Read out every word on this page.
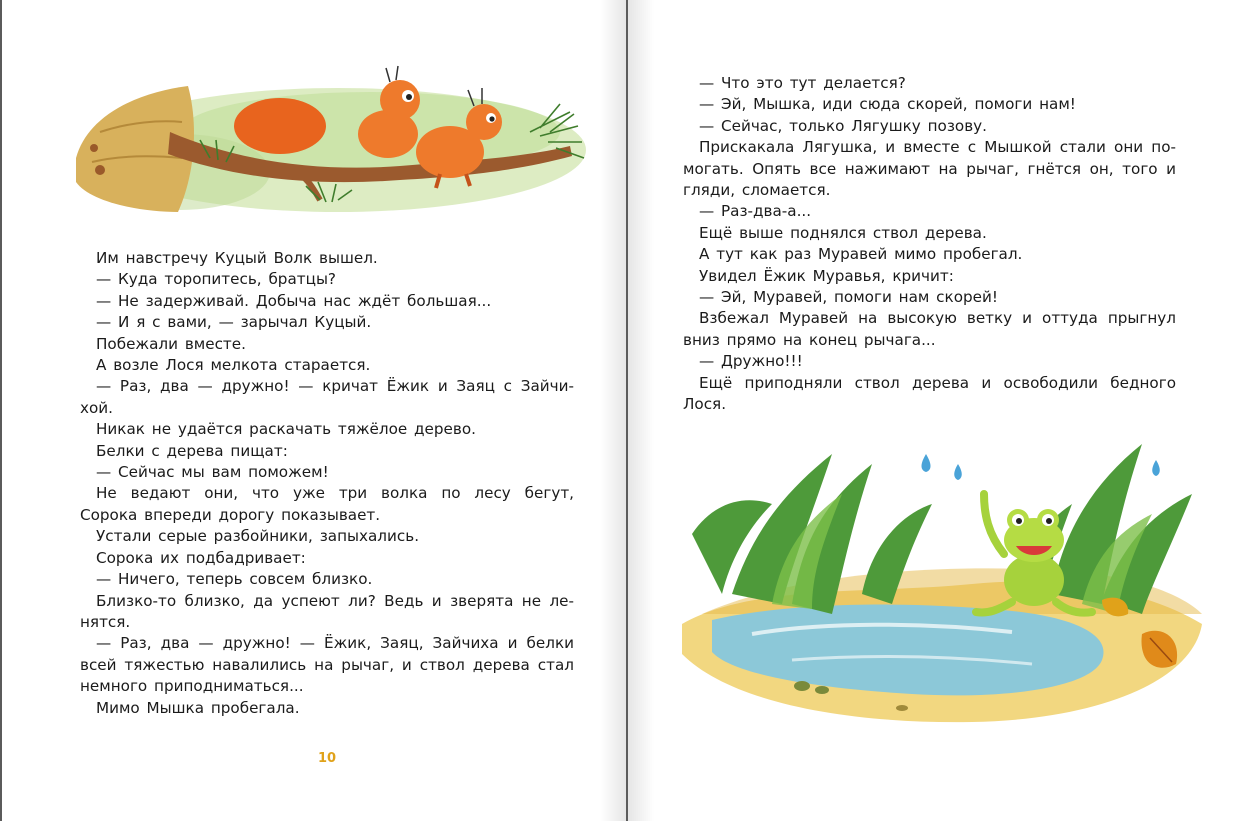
Им навстречу Куцый Волк вышел.

— Куда торопитесь, братцы?

— Не задерживай. Добыча нас ждёт большая...

— И я с вами, — зарычал Куцый.

Побежали вместе.

А возле Лося мелкота старается.

— Раз, два — дружно! — кричат Ёжик и Заяц с Зайчи-хой.

Никак не удаётся раскачать тяжёлое дерево.

Белки с дерева пищат:

— Сейчас мы вам поможем!

Не ведают они, что уже три волка по лесу бегут, Сорока впереди дорогу показывает.

Устали серые разбойники, запыхались.

Сорока их подбадривает:

— Ничего, теперь совсем близко.

Близко-то близко, да успеют ли? Ведь и зверята не ле-нятся.

— Раз, два — дружно! — Ёжик, Заяц, Зайчиха и белки всей тяжестью навалились на рычаг, и ствол дерева стал немного приподниматься...

Мимо Мышка пробегала.

10

— Что это тут делается?

— Эй, Мышка, иди сюда скорей, помоги нам!

— Сейчас, только Лягушку позову.

Прискакала Лягушка, и вместе с Мышкой стали они по-могать. Опять все нажимают на рычаг, гнётся он, того и гляди, сломается.

— Раз-два-а...

Ещё выше поднялся ствол дерева.

А тут как раз Муравей мимо пробегал.

Увидел Ёжик Муравья, кричит:

— Эй, Муравей, помоги нам скорей!

Взбежал Муравей на высокую ветку и оттуда прыгнул вниз прямо на конец рычага...

— Дружно!!!

Ещё приподняли ствол дерева и освободили бедного Лося.
